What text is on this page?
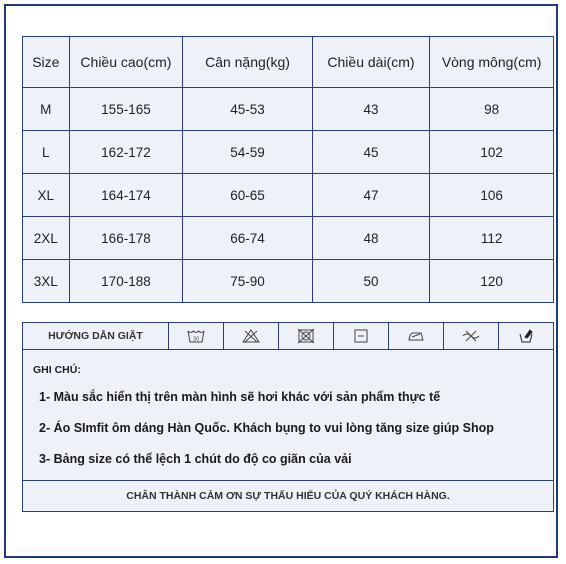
Size	Chiều cao(cm)	Cân nặng(kg)	Chiều dài(cm)	Vòng mông(cm)
M	155-165	45-53	43	98
L	162-172	54-59	45	102
XL	164-174	60-65	47	106
2XL	166-178	66-74	48	112
3XL	170-188	75-90	50	120
HƯỚNG DẪN GIẶT	30
GHI CHÚ:
1- Màu sắc hiển thị trên màn hình sẽ hơi khác với sản phẩm thực tế
2- Áo SImfit ôm dáng Hàn Quốc. Khách bụng to vui lòng tăng size giúp Shop
3- Bảng size có thể lệch 1 chút do độ co giãn của vải
CHÂN THÀNH CẢM ƠN SỰ THẤU HIỂU CỦA QUÝ KHÁCH HÀNG.
